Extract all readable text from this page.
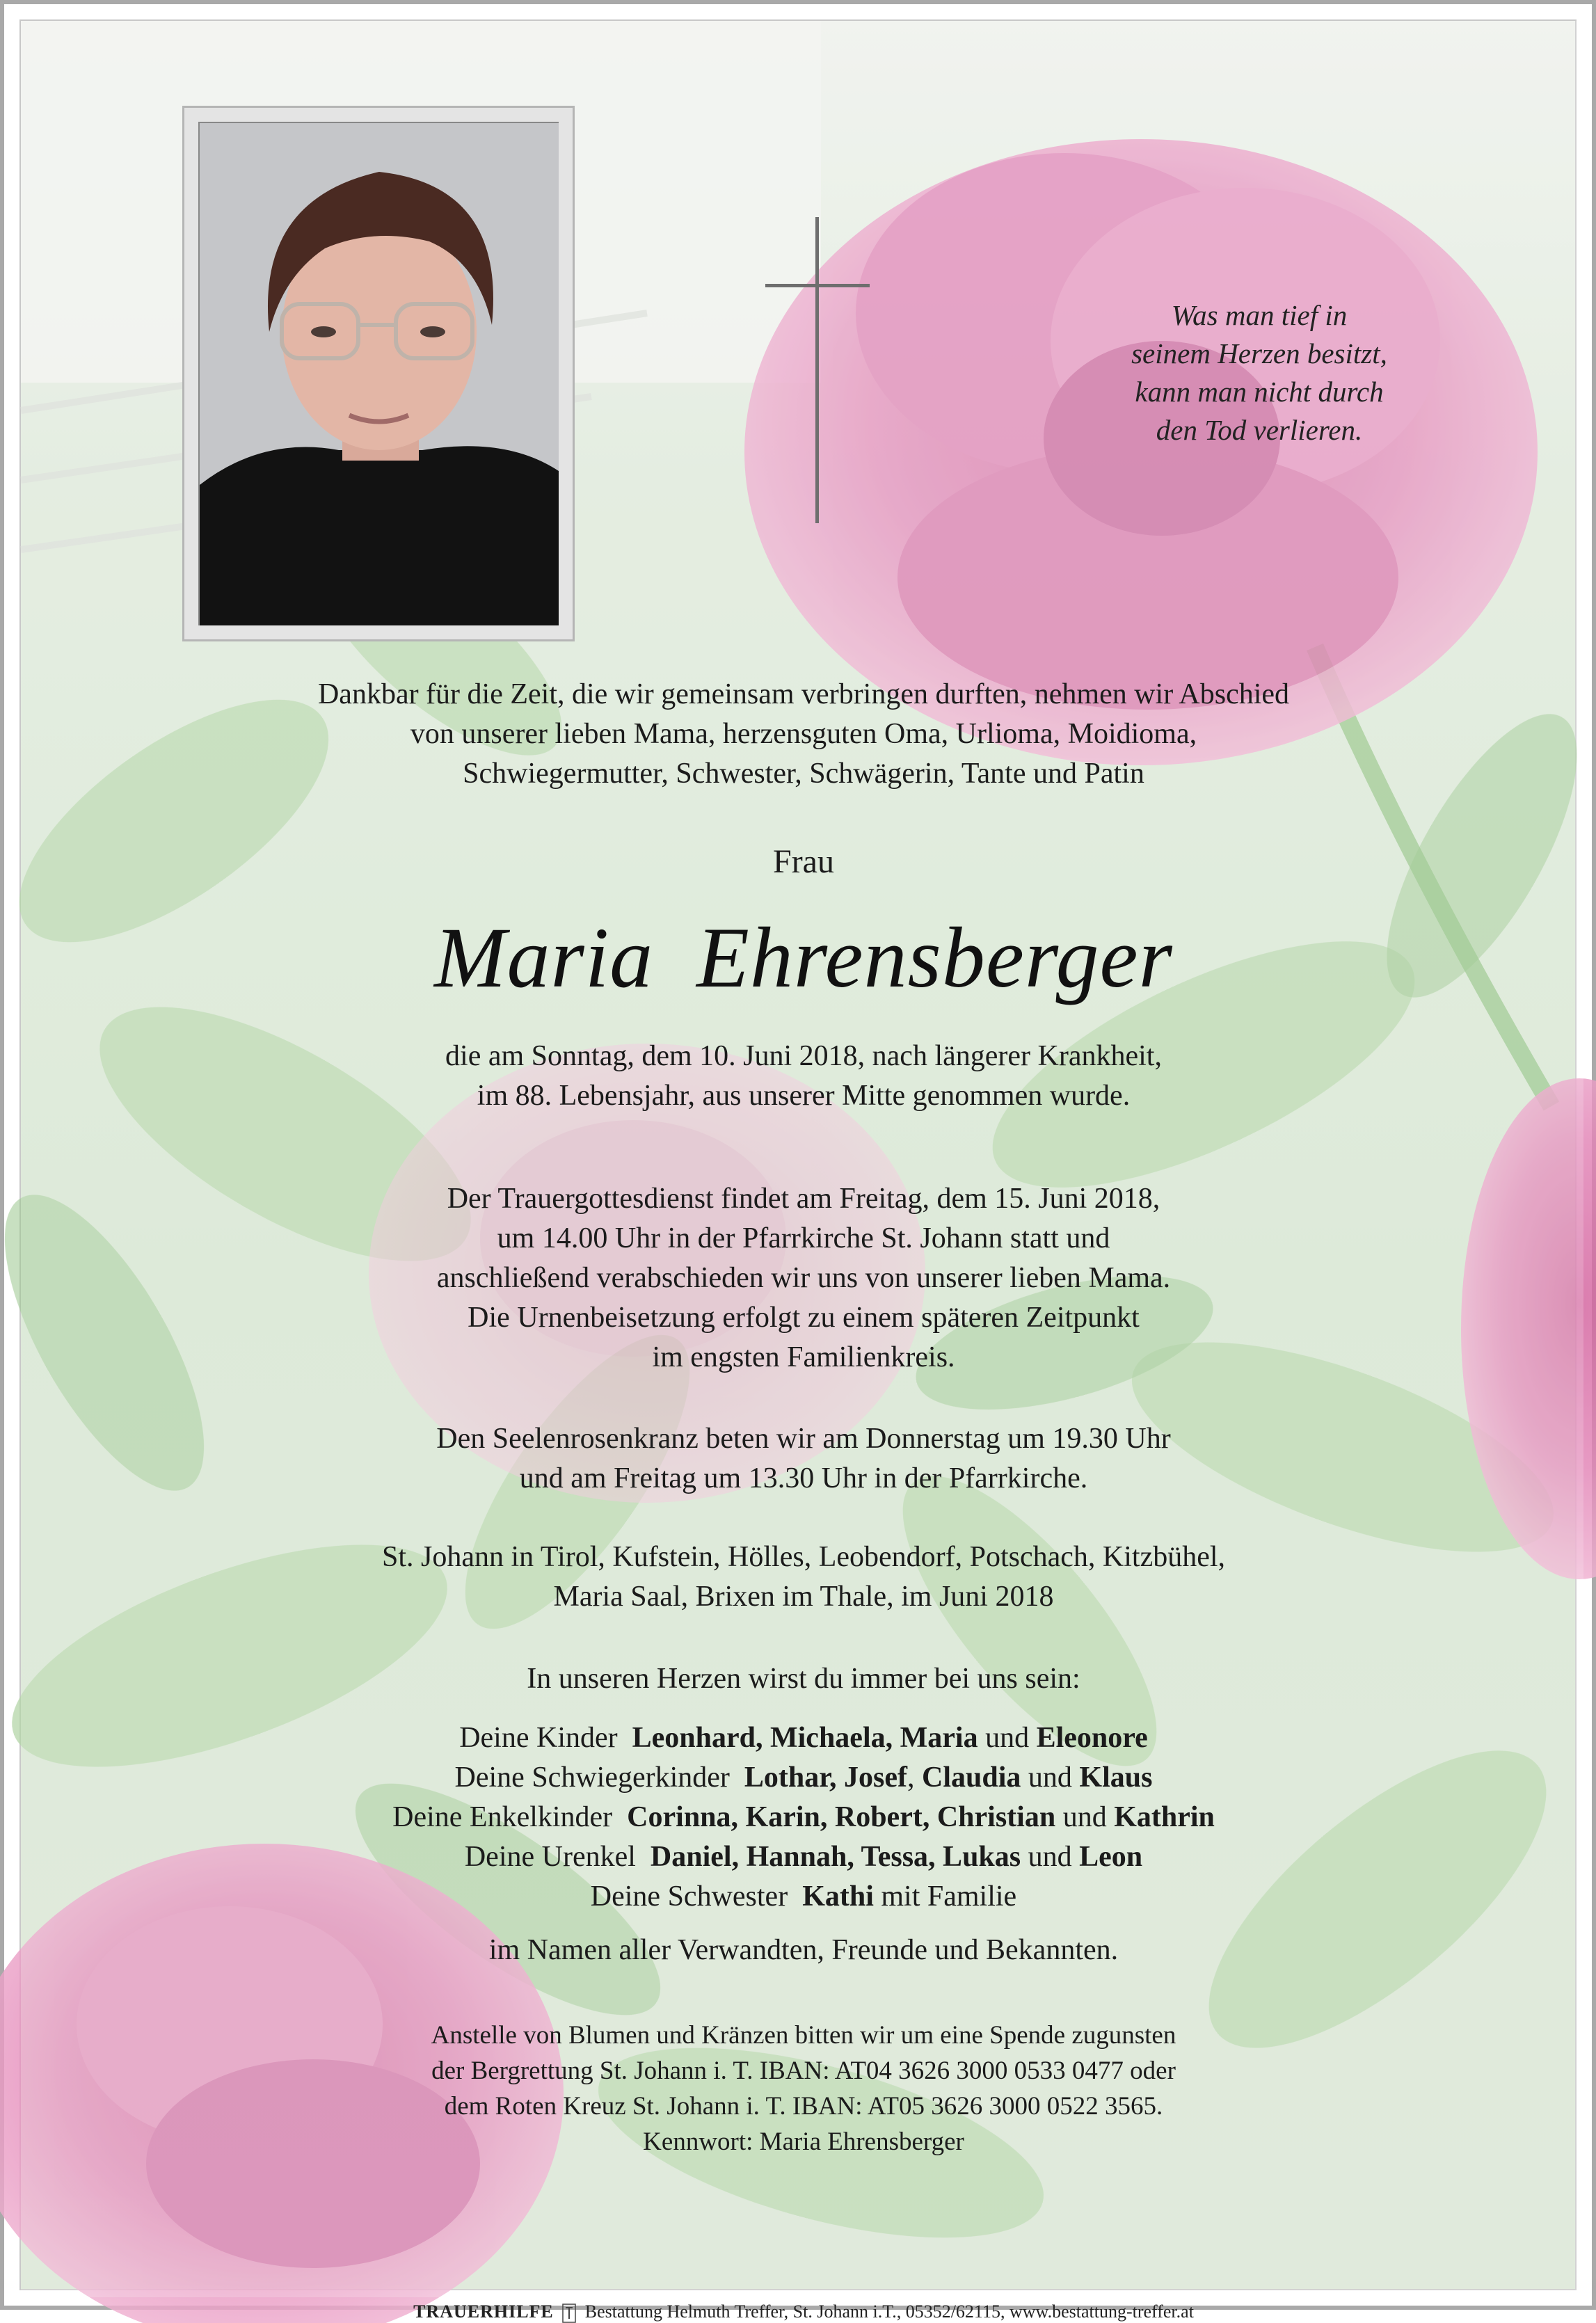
Was man tief in
seinem Herzen besitzt,
kann man nicht durch
den Tod verlieren.
Dankbar für die Zeit, die wir gemeinsam verbringen durften, nehmen wir Abschied
von unserer lieben Mama, herzensguten Oma, Urlioma, Moidioma,
Schwiegermutter, Schwester, Schwägerin, Tante und Patin
Frau
Maria Ehrensberger
die am Sonntag, dem 10. Juni 2018, nach längerer Krankheit,
im 88. Lebensjahr, aus unserer Mitte genommen wurde.
Der Trauergottesdienst findet am Freitag, dem 15. Juni 2018,
um 14.00 Uhr in der Pfarrkirche St. Johann statt und
anschließend verabschieden wir uns von unserer lieben Mama.
Die Urnenbeisetzung erfolgt zu einem späteren Zeitpunkt
im engsten Familienkreis.
Den Seelenrosenkranz beten wir am Donnerstag um 19.30 Uhr
und am Freitag um 13.30 Uhr in der Pfarrkirche.
St. Johann in Tirol, Kufstein, Hölles, Leobendorf, Potschach, Kitzbühel,
Maria Saal, Brixen im Thale, im Juni 2018
In unseren Herzen wirst du immer bei uns sein:
Deine Kinder Leonhard, Michaela, Maria und Eleonore
Deine Schwiegerkinder Lothar, Josef, Claudia und Klaus
Deine Enkelkinder Corinna, Karin, Robert, Christian und Kathrin
Deine Urenkel Daniel, Hannah, Tessa, Lukas und Leon
Deine Schwester Kathi mit Familie
im Namen aller Verwandten, Freunde und Bekannten.
Anstelle von Blumen und Kränzen bitten wir um eine Spende zugunsten
der Bergrettung St. Johann i. T. IBAN: AT04 3626 3000 0533 0477 oder
dem Roten Kreuz St. Johann i. T. IBAN: AT05 3626 3000 0522 3565.
Kennwort: Maria Ehrensberger
TRAUERHILFE Bestattung Helmuth Treffer, St. Johann i.T., 05352/62115, www.bestattung-treffer.at
